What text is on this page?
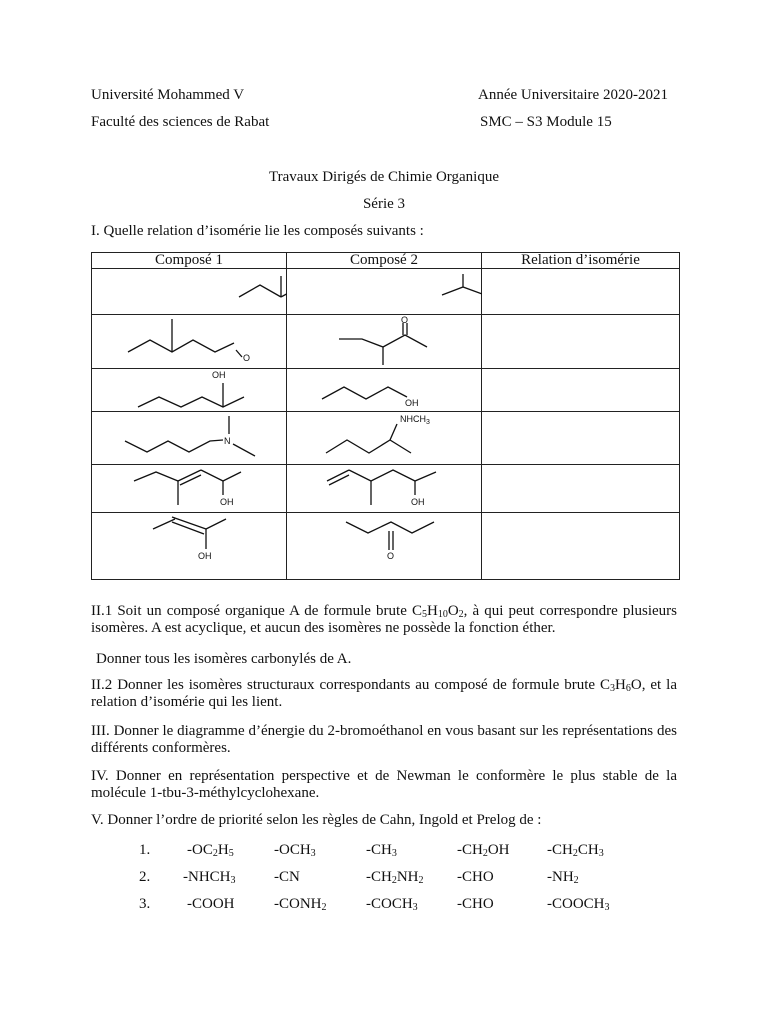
Université Mohammed V	Année Universitaire 2020-2021
Faculté des sciences de Rabat	SMC – S3 Module 15
Travaux Dirigés de Chimie Organique
Série 3
I. Quelle relation d’isomérie lie les composés suivants :
Composé 1	Composé 2	Relation d’isomérie

O	O	

OH	OH	

N	$NHCH_3$

OH	OH	

OH	O	

II.1 Soit un composé organique A de formule brute $C_5H_{10}O_2$, à qui peut correspondre plusieurs isomères. A est acyclique, et aucun des isomères ne possède la fonction éther.
Donner tous les isomères carbonylés de A.
II.2 Donner les isomères structuraux correspondants au composé de formule brute $C_3H_6O$, et la relation d’isomérie qui les lient.
III. Donner le diagramme d’énergie du 2-bromoéthanol en vous basant sur les représentations des différents conformères.
IV. Donner en représentation perspective et de Newman le conformère le plus stable de la molécule 1-tbu-3-méthylcyclohexane.
V. Donner l’ordre de priorité selon les règles de Cahn, Ingold et Prelog de :
1. $-OC_2H_5$	$-OCH_3$	$-CH_3$	$-CH_2OH$ $-CH_2CH_3$
2. $-NHCH_3$	-CN	$-CH_2NH_2$ -CHO	$-NH_2$
3. -COOH	$-CONH_2$	$-COCH_3$	-CHO	$-COOCH_3$
